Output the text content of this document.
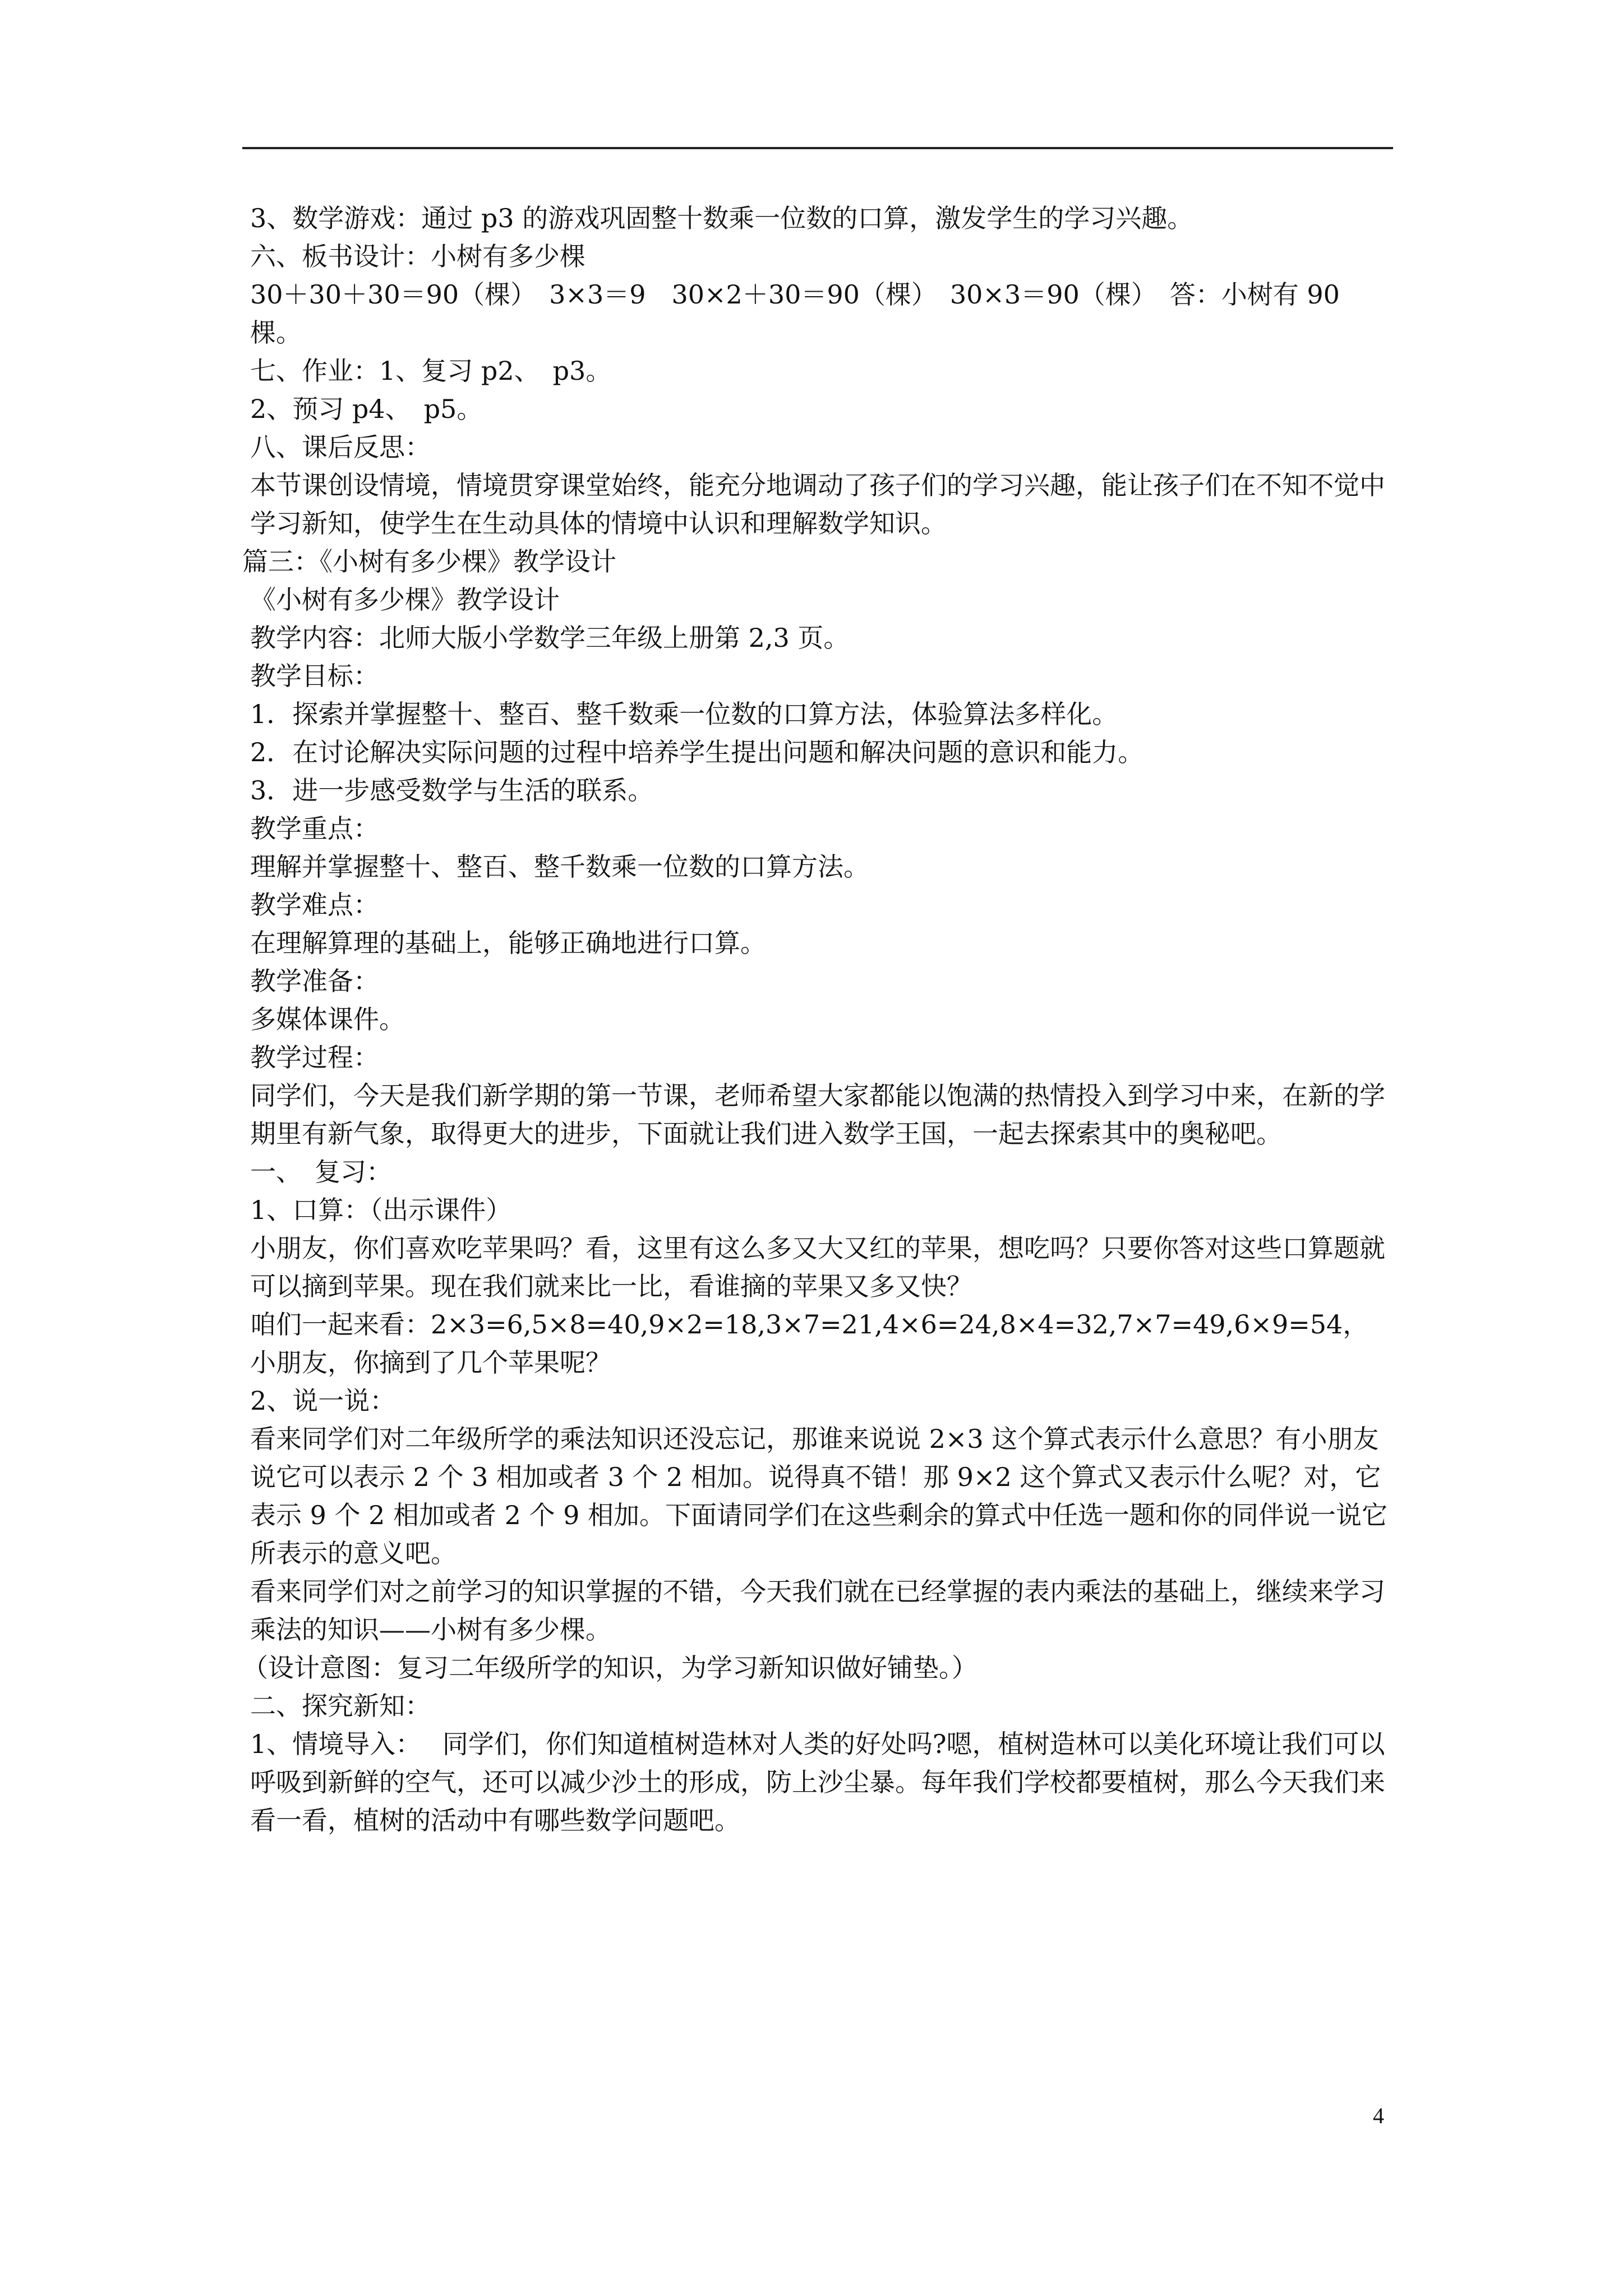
3、数学游戏：通过 p3 的游戏巩固整十数乘一位数的口算，激发学生的学习兴趣。

六、板书设计：小树有多少棵

30＋30＋30＝90（棵）　3×3＝9　30×2＋30＝90（棵）　30×3＝90（棵）　答：小树有 90 棵。

七、作业：1、复习 p2、　p3。

2、预习 p4、　p5。

八、课后反思：

本节课创设情境，情境贯穿课堂始终，能充分地调动了孩子们的学习兴趣，能让孩子们在不知不觉中学习新知，使学生在生动具体的情境中认识和理解数学知识。

篇三：《小树有多少棵》教学设计

《小树有多少棵》教学设计

教学内容：北师大版小学数学三年级上册第 2,3 页。

教学目标：

1．探索并掌握整十、整百、整千数乘一位数的口算方法，体验算法多样化。

2．在讨论解决实际问题的过程中培养学生提出问题和解决问题的意识和能力。

3．进一步感受数学与生活的联系。

教学重点：

理解并掌握整十、整百、整千数乘一位数的口算方法。

教学难点：

在理解算理的基础上，能够正确地进行口算。

教学准备：

多媒体课件。

教学过程：

同学们，今天是我们新学期的第一节课，老师希望大家都能以饱满的热情投入到学习中来，在新的学期里有新气象，取得更大的进步，下面就让我们进入数学王国，一起去探索其中的奥秘吧。

一、　复习：

1、口算：（出示课件）

小朋友，你们喜欢吃苹果吗？看，这里有这么多又大又红的苹果，想吃吗？只要你答对这些口算题就可以摘到苹果。现在我们就来比一比，看谁摘的苹果又多又快？

咱们一起来看：2×3=6,5×8=40,9×2=18,3×7=21,4×6=24,8×4=32,7×7=49,6×9=54，小朋友，你摘到了几个苹果呢？

2、说一说：

看来同学们对二年级所学的乘法知识还没忘记，那谁来说说 2×3 这个算式表示什么意思？有小朋友说它可以表示 2 个 3 相加或者 3 个 2 相加。说得真不错！那 9×2 这个算式又表示什么呢？对，它表示 9 个 2 相加或者 2 个 9 相加。下面请同学们在这些剩余的算式中任选一题和你的同伴说一说它所表示的意义吧。

看来同学们对之前学习的知识掌握的不错，今天我们就在已经掌握的表内乘法的基础上，继续来学习乘法的知识——小树有多少棵。

（设计意图：复习二年级所学的知识，为学习新知识做好铺垫。）

二、探究新知：

1、情境导入：　 同学们，你们知道植树造林对人类的好处吗?嗯，植树造林可以美化环境让我们可以呼吸到新鲜的空气，还可以减少沙土的形成，防上沙尘暴。每年我们学校都要植树，那么今天我们来看一看，植树的活动中有哪些数学问题吧。

4
